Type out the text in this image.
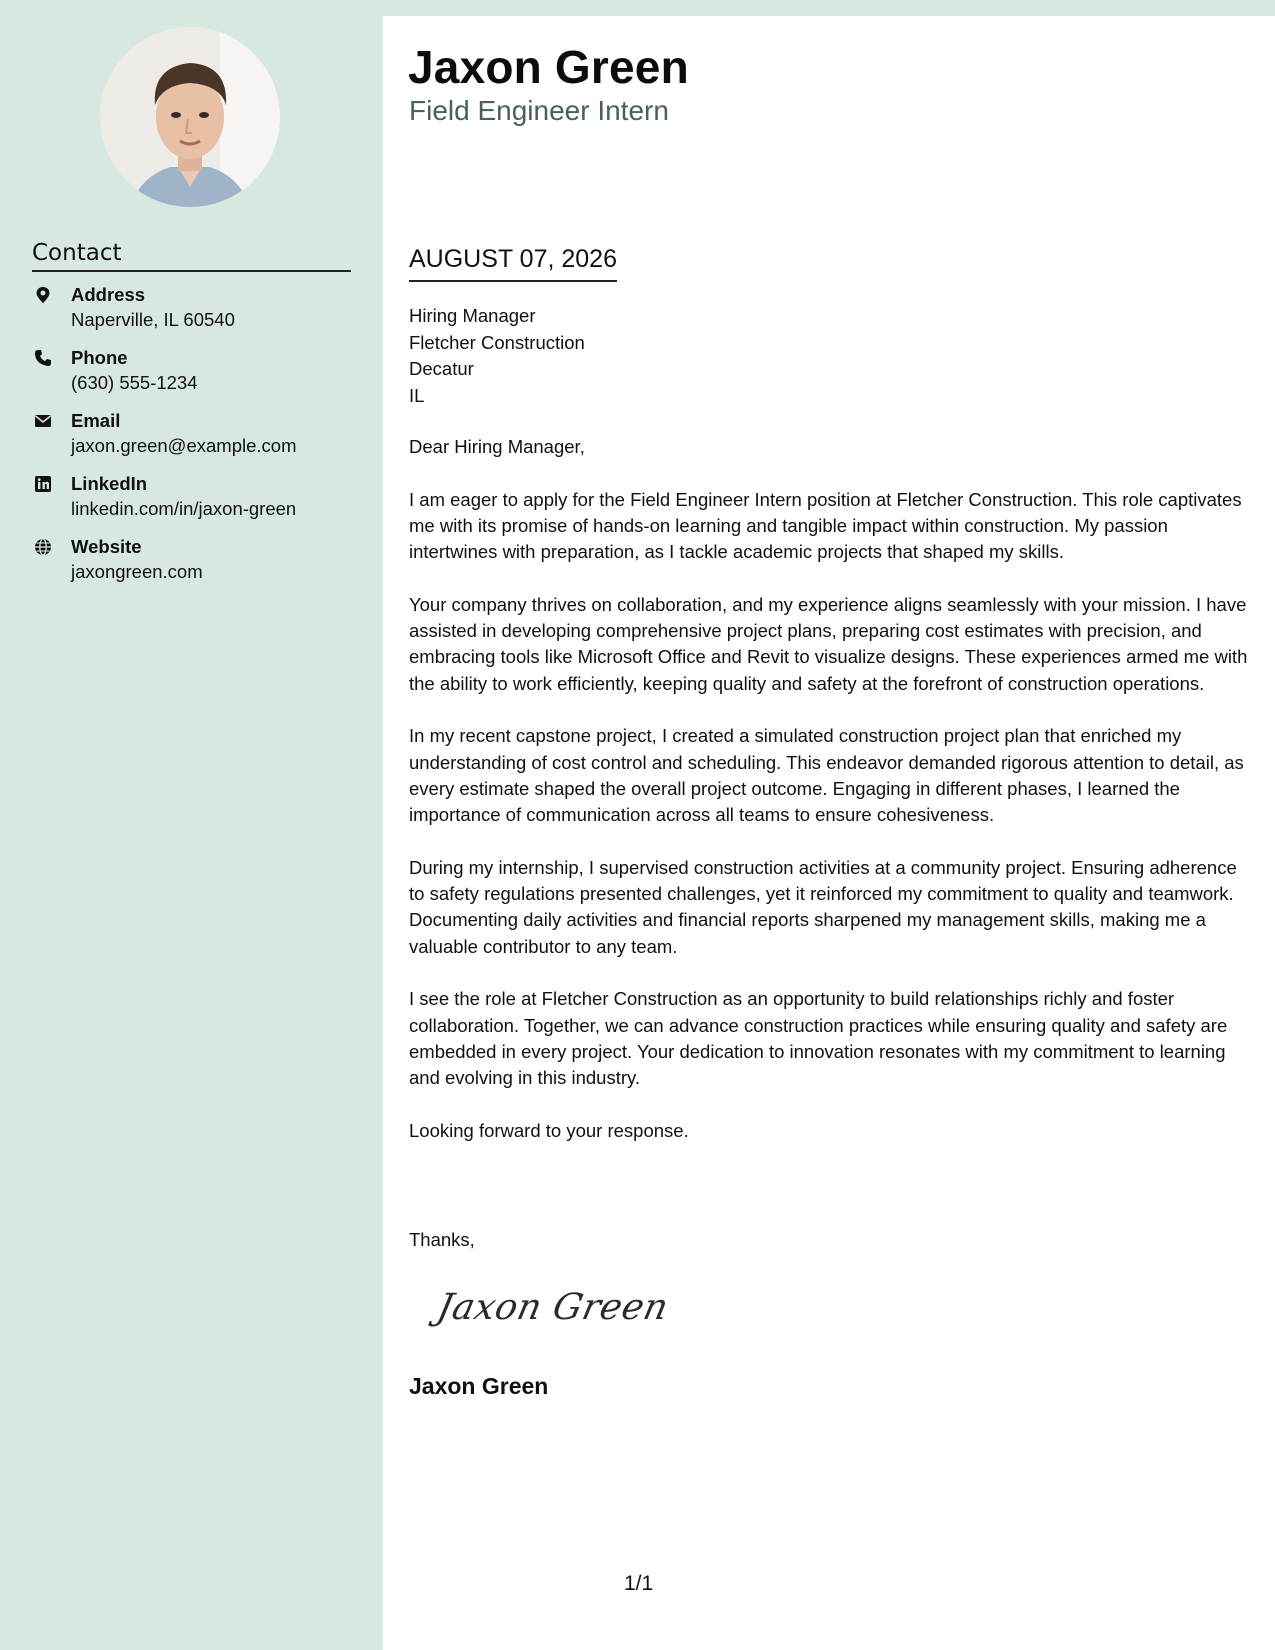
Contact
Address
Naperville, IL 60540
Phone
(630) 555-1234
Email
jaxon.green@example.com
LinkedIn
linkedin.com/in/jaxon-green
Website
jaxongreen.com
Jaxon Green
Field Engineer Intern
AUGUST 07, 2026
Hiring Manager
Fletcher Construction
Decatur
IL
Dear Hiring Manager,

I am eager to apply for the Field Engineer Intern position at Fletcher Construction. This role captivates me with its promise of hands-on learning and tangible impact within construction. My passion intertwines with preparation, as I tackle academic projects that shaped my skills.

Your company thrives on collaboration, and my experience aligns seamlessly with your mission. I have assisted in developing comprehensive project plans, preparing cost estimates with precision, and embracing tools like Microsoft Office and Revit to visualize designs. These experiences armed me with the ability to work efficiently, keeping quality and safety at the forefront of construction operations.

In my recent capstone project, I created a simulated construction project plan that enriched my understanding of cost control and scheduling. This endeavor demanded rigorous attention to detail, as every estimate shaped the overall project outcome. Engaging in different phases, I learned the importance of communication across all teams to ensure cohesiveness.

During my internship, I supervised construction activities at a community project. Ensuring adherence to safety regulations presented challenges, yet it reinforced my commitment to quality and teamwork. Documenting daily activities and financial reports sharpened my management skills, making me a valuable contributor to any team.

I see the role at Fletcher Construction as an opportunity to build relationships richly and foster collaboration. Together, we can advance construction practices while ensuring quality and safety are embedded in every project. Your dedication to innovation resonates with my commitment to learning and evolving in this industry.

Looking forward to your response.

Thanks,
Jaxon Green
Jaxon Green
1/1
